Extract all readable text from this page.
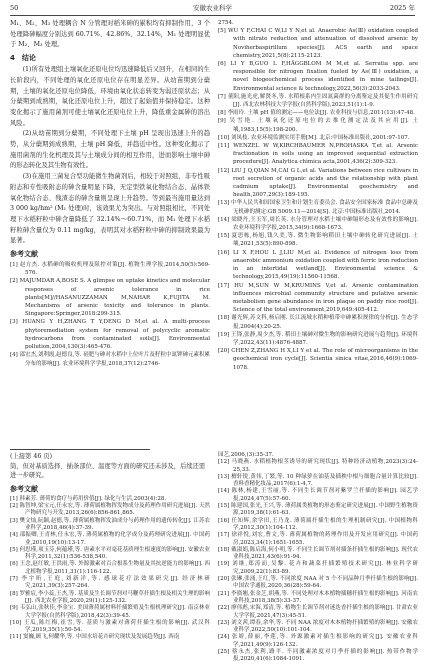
50	安徽农业科学	2025 年

M₁、M₂、M₃ 处理耦合 N 分管理对稻米砷的累积均有抑制作用，3 个处理降砷幅度分别达到 60.71%、42.86%、32.14%，M₁ 处理明显优于 M₂、M₃ 处理。

4　结论

(1)所有处理组土壤氧化还原电位均迅速降低后又回升，在相同的生长阶段内，不同处理的氧化还原电位存在明显差异。从幼苗期到分蘖期，土壤的氧化还原电位降低，环境由氧化状态转变为弱还原状态；从分蘖期到成熟期，氧化还原电位上升，超过了起始值并保持稳定。这种变化揭示了施用菌剂可使土壤氧化还原电位上升，降低重金属砷的溶出风险。

(2)从幼苗期到分蘖期，不同处理下土壤 pH 呈现出迅速上升的趋势，从分蘖期到成熟期，土壤 pH 降低，并趋近中性。这种变化揭示了施用菌剂的生化机理及其与土壤成分间的相互作用，进而影响土壤中砷的形态转化及其生物有效性。

(3)在施用三菌复合型功能微生物菌剂后，相较于对照组，非专性吸附态和专性吸附态的砷含量明显下降，无定型铁氧化物结合态、晶体铁氧化物结合态、残渣态的砷含量则呈现上升趋势。等到最当施用量达到 3 000 kg/hm² (M₁ 处理)时，该效果尤为突出。与对照组相比，不同处理下水稻籽粒中砷含量降低了 32.14%～60.71%，而 M₁ 处理下水稻籽粒砷含量仅为 0.11 mg/kg，表明其对水稻籽粒中砷的抑制效果最为显著。

参考文献
[1] 赵方杰. 水稻砷的吸收机理及阻控对策[J]. 植物生理学报,2014,50(5):569-576.
[2] MAJUMDAR A,BOSE S. A glimpse on uptake kinetics and molecular responses of arsenic tolerance in rice plants[M]//HASANUZZAMAN M,NAHAR K,FUJITA M. Mechanisms of arsenic toxicity and tolerance in plants. Singapore:Springer,2018:299-315.
[3] HUANG Y H,ZHANG T Y,DENG D M,et al. A multi-process phytoremediation system for removal of polycyclic aromatic hydrocarbons from contaminated soils[J]. Environmental pollution,2004,130(3):465-476.
[4] 邵宏杰,刘利霞,赵德良,等. 硅肥与砷对水稻中上位叶片及籽粒中氮钾砷元素积累分布的影响[J]. 农业环境科学学报,2018,37(12):2746-
2754.
[5] WU Y F,CHAI C W,LI Y N,et al. Anaerobic As(Ⅲ) oxidation coupled with nitrate reduction and attenuation of dissolved arsenic by Noviherbaspirillum species[J]. ACS earth and space chemistry,2021,5(8):2115-2123.
[6] LI Y B,GUO L F,HÄGGBLOM M M,et al. Serratia spp. are responsible for nitrogen fixation fueled by As(Ⅲ) oxidation, a novel biogeochemical process identified in mine tailings[J]. Environmental science & technology,2022,56(3):2033-2043.
[7] 董阳,施光虎,解贤冬,等. 水稻根系内生固氮菌群的分离鉴定及其促生作用研究[J]. 西北农林科技大学学报(自然科学版),2023,51(1):1-9.
[8] 李雨玲. 土壤 pH 值的测定——电位法[J]. 农业科技与信息,2011(13):47-48.
[9] 吴雪艳. 土壤氧化还原电位的去推化测定法及其应用[J]. 土壤,1983,15(5):198-200.
[10] 刘凤枝. 农业环境监测实用手册[M]. 北京:中国标准出版社,2001:97-107.
[11] WENZEL W W,KIRCHBAUMER N,PROHASKA T,et al. Arsenic fractionation in soils using an improved sequential extraction procedure[J]. Analytica chimica acta,2001,436(2):309-323.
[12] LIU J Q,QIAN M,CAI G L,et al. Variations between rice cultivars in root secretion of organic acids and the relationship with plant cadmium uptake[J]. Environmental geochemistry and health,2007,29(3):189-195.
[13] 中华人民共和国国家卫生和计划生育委员会. 食品安全国家标准 食品中总砷及无机砷的测定:GB 5009.11—2014[S]. 北京:中国标准出版社,2014.
[14] 梁晓丹,王玉军,周长英. 水分管理对水稻土壤中砷镉形态及有效性的影响[J]. 农业环境科学学报,2015,34(9):1668-1673.
[15] 夏思栋,杨旭,钱久美,等. 微生物影响稻田土壤中砷转化研究进展[J]. 土壤,2021,53(5):890-898.
[16] LI X F,HOU L J,LIU M,et al. Evidence of nitrogen loss from anaerobic ammonium oxidation coupled with ferric iron reduction in an intertidal wetland[J]. Environmental science & technology,2015,49(19):11560-11568.
[17] HU M,SUN W M,KRUMINS V,et al. Arsenic contamination influences microbial community structure and putative arsenic metabolism gene abundance in iron plaque on paddy rice root[J]. Science of the total environment,2019,649:405-412.
[18] 谢光辉,苏文科,杨启刚. 长江流域水稻种植带中砷累积规律的分析[J]. 生态学报,2004(4):20-25.
[19] 王锋,张静,周少杰,等. 稻田土壤砷对微生物的影响研究进展与趋势[J]. 环境科学,2022,43(11):4876-4887.
[20] CHEN Z,ZHANG H X,LI Y et al. The role of microorganisms in the geochemical iron cycle[J]. Scientia sinica vitae,2016,46(9):1069-1078.
(上接第 46 页)
筒，但对基质选择、插条部位、温度等方面的研究还未涉及，后续还需进一步研究。
参考文献
[1] 韩素芳. 薄荷的食疗与药用价值[J]. 绿化与生活,2003(4):28.
[2] 陈智坤,梁宝元,任永宏,等. 薄荷属植物挥发物成分及药理作用研究进展[J]. 天然产物研究与开发,2013,26(6):856-861,865.
[3] 樊文灿,阮颖,赵德,等. 薄荷属植物挥发油成分与药理作用的遗传转化[J]. 江苏农业科学,2018,46(4):37-39.
[4] 邵振卿,王青林,任永宏,等. 薄荷属植物的化学成分及药理研究进展[J]. 中国药业,2010,19(10):13-17.
[5] 何思瑾,项玉芬,何蕴瑾,等. 唐素水平对毫花基质理生根速度的影响[J]. 安徽农业科学,2011,32(1):536-538,540.
[6] 王念,赵红敏,王洪雨,等. 外源激素对百合根系生物量及其抗逆能力的影响[J]. 西北植物学报,2011,31(1):116-122.
[7] 李宇昕,王庭,刘新洋,等. 感球花疗法效果研究[J]. 经济林研究,2021,39(3):257-264.
[8] 罗雅宸,李小蕊,王杰,等. 基质及生长调节剂对马鞭草扦插生根及相关生理的影响[J]. 西北农业学报,2020,29(1):125-132.
[9] 韦弘山,张秋佳,李金宝. 美国薄荷属材料扦插繁殖及生根机理研究[J]. 南京林业大学学报(自然科学版),2018,42(3):39-45.
[10] 王瓜,陈红梅,崔雪,等. 基质与激素对薄荷扦插生根的影响[J]. 武汉科学,2019,35(1):50-54.
[11] 窦巍,顾飞,何耀华,等. 中国水培花卉研究现状及发展趋势[J]. 西南
园艺,2006,(3):35-37.
[12] 马晓燕. 水稻植物根茎诱导的研究现状[J]. 特种经济动植物,2023(3):24-25,33.
[13] 檀轩锐,黄伟,丁繁,等. 10 种绿萝在油基及插秧中根与细胞合量计算比较[J]. 香料香精化妆品,2017(6):1-4,7.
[14] 陈林,杨建,王雪丽,等. 不同生长调节剂对紫罗兰扦插的影响[J]. 园艺学报,2024,47(5):57-60.
[15] 陈建国,张光,王兴,等. 薄荷属类植物的形态鉴定研究进展[J]. 中国野生植物资源,2019,38(1):61-63.
[16] 任知辉,余学田,王乃龙. 薄荷属扦插生根的生理机制研究[J]. 中国植物科学,2012,30(1):104-112.
[17] 徐祥悦,刘宏,曹文,等. 薄荷属植物的药理作用及开发应用研究[J]. 中国药房,2023,34(1):1651-1655.
[18] 戴淑娟,陈启海,何小明,等. 不同生长调节剂对插条扦插生根的影响[J]. 现代农业科技,2021,43(6):91-94.
[19] 刘继,郑涛而,吴黎. 花卉和蔬菜扦插繁殖技术研究[J]. 林业科学研究,2009,22(1):83-89.
[20] 张琳,张涌,王红,等. 不同浓度 NAA 对 5 个不同品种月季扦插生根的影响[J]. 中国农学通报,2020,36(28):59-64.
[21] 李旖翘,张金芝,胡燕,等. 不同处理对木本植物插穗扦插生根的影响[J]. 河南农业科技,2018,38(5):33-37.
[22] 廖伟彪,宋海,郑清,等. 植物生长调节剂对迷迭香扦插生根的影响[J]. 甘肃农业大学学报,2021,47(3):45-51.
[23] 刘文茜,谭春,余华,等. 不同 NAA 浓度对木本植物扦插繁殖的影响[J]. 安徽农业科学,2022,50(10):101-104.
[24] 张娇,薛丽,李莲,等. 外源激素对插生根影响的研究[J]. 安徽农业科学,2021,49(9):126-132.
[25] 蔡永杰,张利,路平. 不同激素浓度对月季扦插的影响[J]. 热带作物学报,2020,41(6):1084-1091.
